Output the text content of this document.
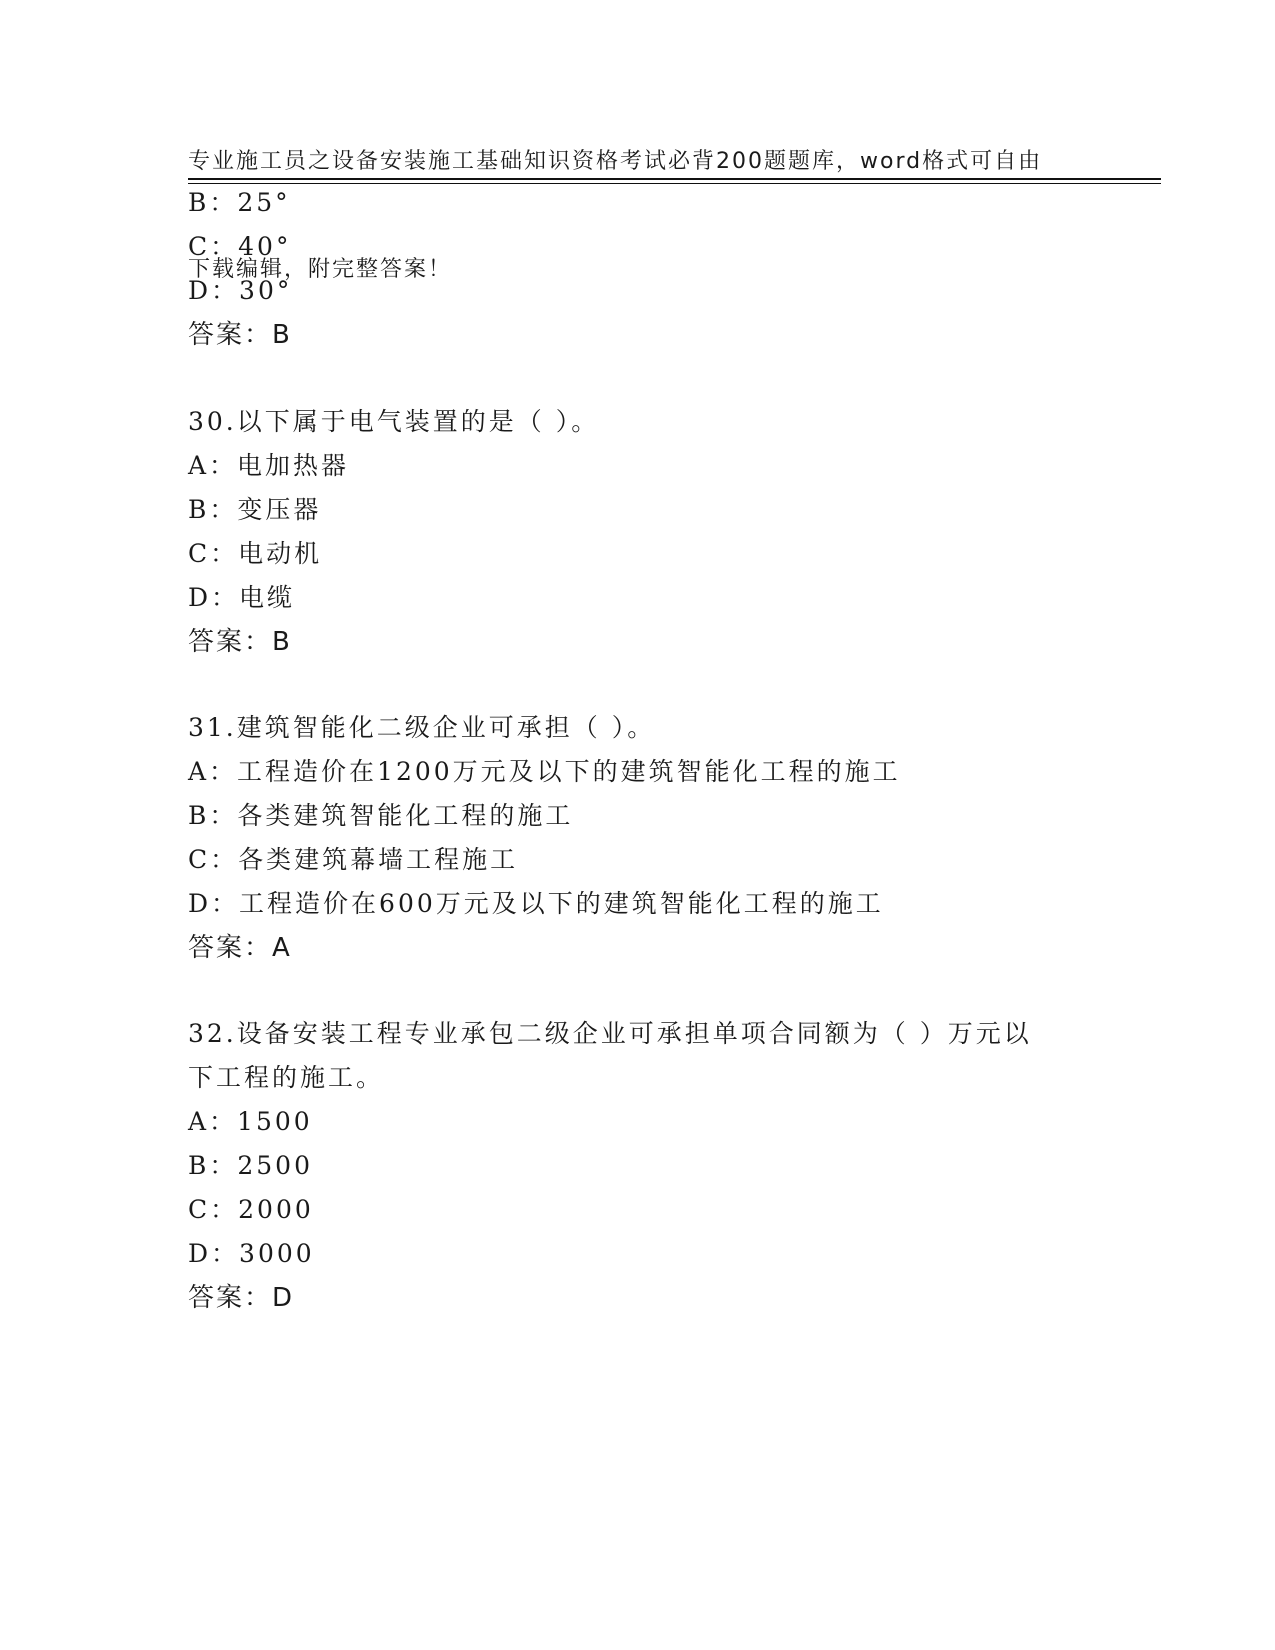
专业施工员之设备安装施工基础知识资格考试必背200题题库，word格式可自由

下载编辑，附完整答案！

B：25°
C：40°
D：30°
答案：B
30.以下属于电气装置的是（ ）。
A：电加热器
B：变压器
C：电动机
D：电缆
答案：B
31.建筑智能化二级企业可承担（ ）。
A：工程造价在1200万元及以下的建筑智能化工程的施工
B：各类建筑智能化工程的施工
C：各类建筑幕墙工程施工
D：工程造价在600万元及以下的建筑智能化工程的施工
答案：A
32.设备安装工程专业承包二级企业可承担单项合同额为（ ）万元以
下工程的施工。
A：1500
B：2500
C：2000
D：3000
答案：D
